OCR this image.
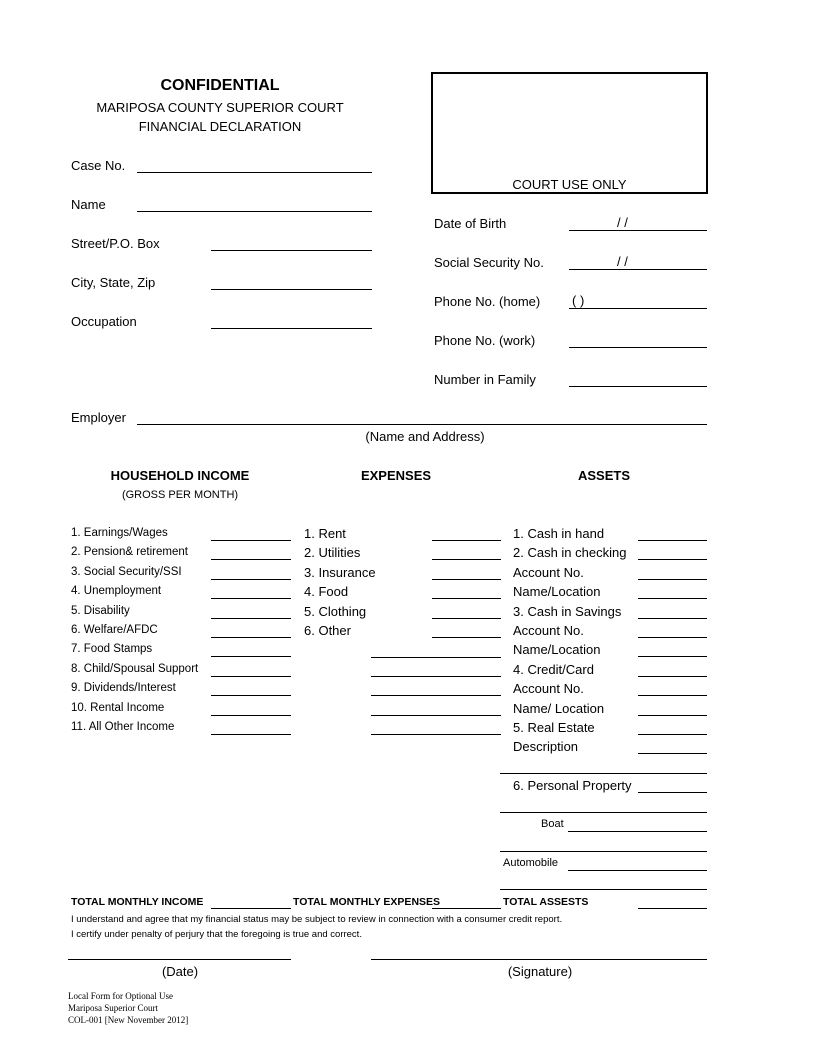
CONFIDENTIAL
MARIPOSA COUNTY SUPERIOR COURT
FINANCIAL DECLARATION
COURT USE ONLY
Case No.
Name
Street/P.O. Box
City, State, Zip
Occupation
Date of Birth	/ /
Social Security No.	/ /
Phone No. (home) ( )
Phone No. (work)
Number in Family
Employer
(Name and Address)
HOUSEHOLD INCOME
(GROSS PER MONTH)
EXPENSES	ASSETS
1. Earnings/Wages
2. Pension& retirement
3. Social Security/SSI
4. Unemployment
5. Disability
6. Welfare/AFDC
7. Food Stamps
8. Child/Spousal Support
9. Dividends/Interest
10. Rental Income
11. All Other Income
1. Rent
2. Utilities
3. Insurance
4. Food
5. Clothing
6. Other
1. Cash in hand
2. Cash in checking
Account No.
Name/Location
3. Cash in Savings
Account No.
Name/Location
4. Credit/Card
Account No.
Name/ Location
5. Real Estate
Description
6. Personal Property
Boat
Automobile
TOTAL MONTHLY INCOME	TOTAL MONTHLY EXPENSES	TOTAL ASSESTS
I understand and agree that my financial status may be subject to review in connection with a consumer credit report.
I certify under penalty of perjury that the foregoing is true and correct.
(Date)	(Signature)
Local Form for Optional Use
Mariposa Superior Court
COL-001 [New November 2012]
